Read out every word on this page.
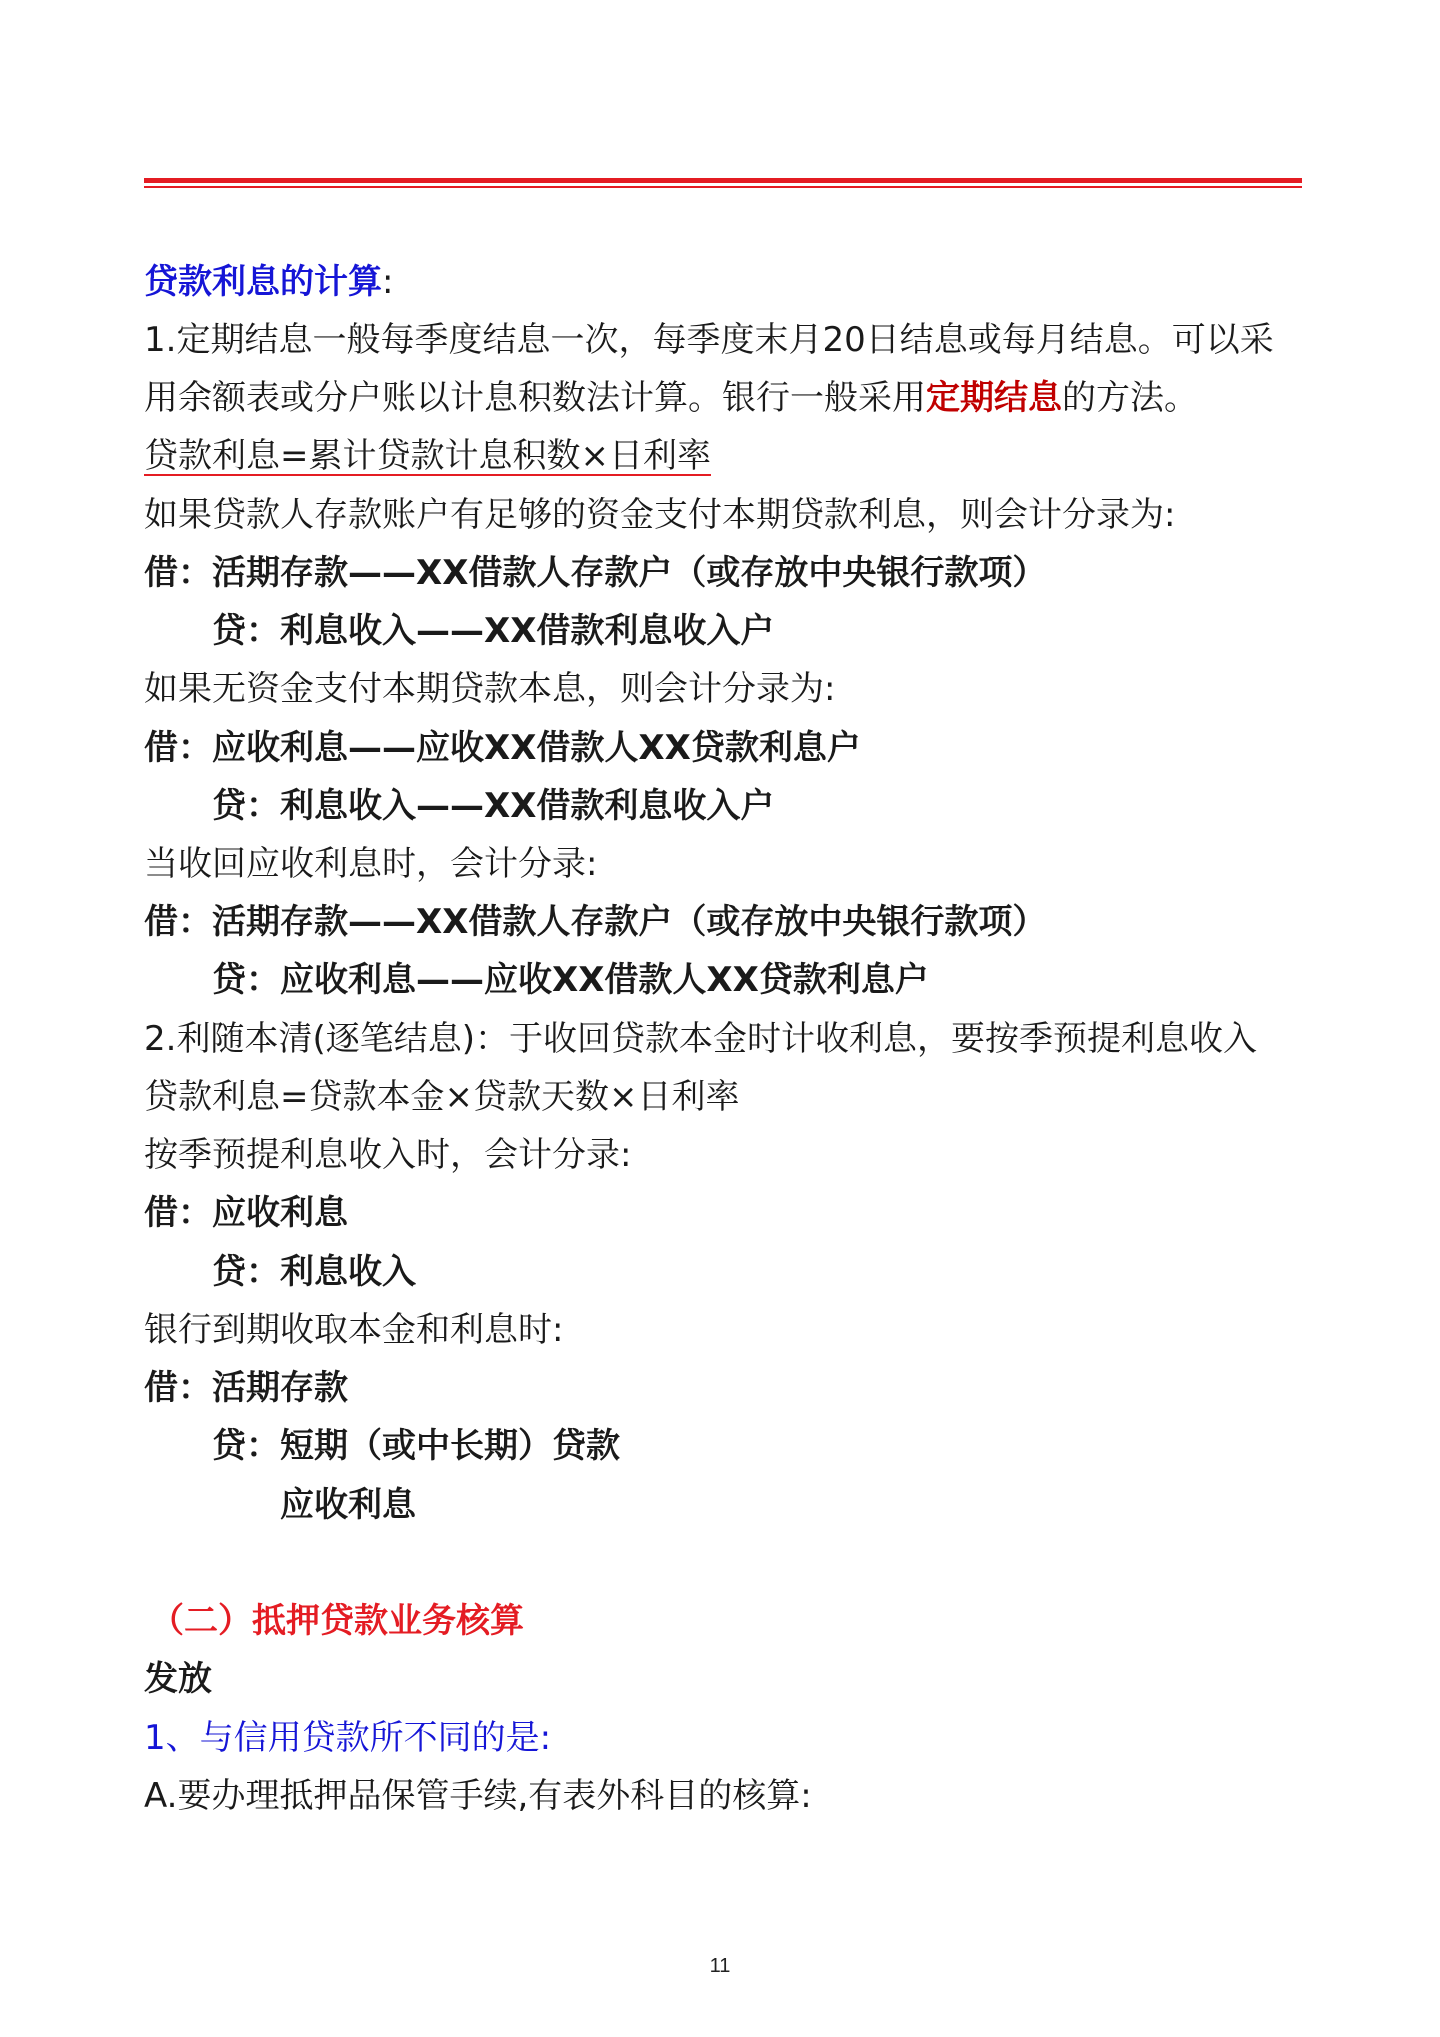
贷款利息的计算:
1.定期结息一般每季度结息一次，每季度末月20日结息或每月结息。可以采
用余额表或分户账以计息积数法计算。银行一般采用定期结息的方法。
贷款利息=累计贷款计息积数×日利率
如果贷款人存款账户有足够的资金支付本期贷款利息，则会计分录为:
借：活期存款——XX借款人存款户（或存放中央银行款项）
贷：利息收入——XX借款利息收入户
如果无资金支付本期贷款本息，则会计分录为:
借：应收利息——应收XX借款人XX贷款利息户
贷：利息收入——XX借款利息收入户
当收回应收利息时，会计分录:
借：活期存款——XX借款人存款户（或存放中央银行款项）
贷：应收利息——应收XX借款人XX贷款利息户
2.利随本清(逐笔结息)：于收回贷款本金时计收利息，要按季预提利息收入
贷款利息=贷款本金×贷款天数×日利率
按季预提利息收入时，会计分录:
借：应收利息
贷：利息收入
银行到期收取本金和利息时:
借：活期存款
贷：短期（或中长期）贷款
应收利息
（二）抵押贷款业务核算
发放
1、与信用贷款所不同的是:
A.要办理抵押品保管手续,有表外科目的核算:
11
